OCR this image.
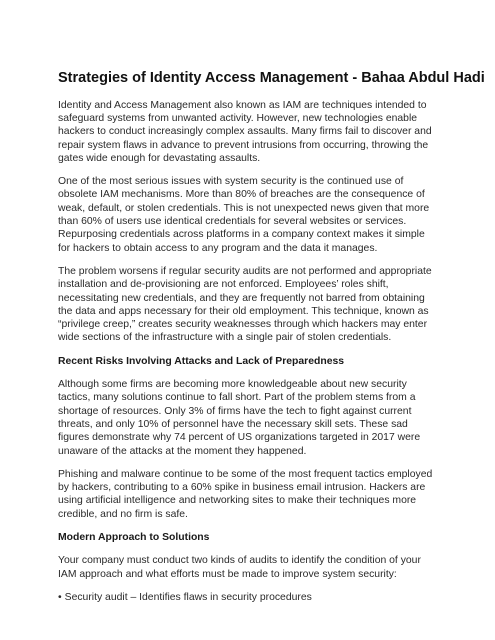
Strategies of Identity Access Management - Bahaa Abdul Hadi

Identity and Access Management also known as IAM are techniques intended to safeguard systems from unwanted activity. However, new technologies enable hackers to conduct increasingly complex assaults. Many firms fail to discover and repair system flaws in advance to prevent intrusions from occurring, throwing the gates wide enough for devastating assaults.

One of the most serious issues with system security is the continued use of obsolete IAM mechanisms. More than 80% of breaches are the consequence of weak, default, or stolen credentials. This is not unexpected news given that more than 60% of users use identical credentials for several websites or services. Repurposing credentials across platforms in a company context makes it simple for hackers to obtain access to any program and the data it manages.

The problem worsens if regular security audits are not performed and appropriate installation and de-provisioning are not enforced. Employees’ roles shift, necessitating new credentials, and they are frequently not barred from obtaining the data and apps necessary for their old employment. This technique, known as “privilege creep,” creates security weaknesses through which hackers may enter wide sections of the infrastructure with a single pair of stolen credentials.

Recent Risks Involving Attacks and Lack of Preparedness

Although some firms are becoming more knowledgeable about new security tactics, many solutions continue to fall short. Part of the problem stems from a shortage of resources. Only 3% of firms have the tech to fight against current threats, and only 10% of personnel have the necessary skill sets. These sad figures demonstrate why 74 percent of US organizations targeted in 2017 were unaware of the attacks at the moment they happened.

Phishing and malware continue to be some of the most frequent tactics employed by hackers, contributing to a 60% spike in business email intrusion. Hackers are using artificial intelligence and networking sites to make their techniques more credible, and no firm is safe.

Modern Approach to Solutions

Your company must conduct two kinds of audits to identify the condition of your IAM approach and what efforts must be made to improve system security:

• Security audit – Identifies flaws in security procedures
